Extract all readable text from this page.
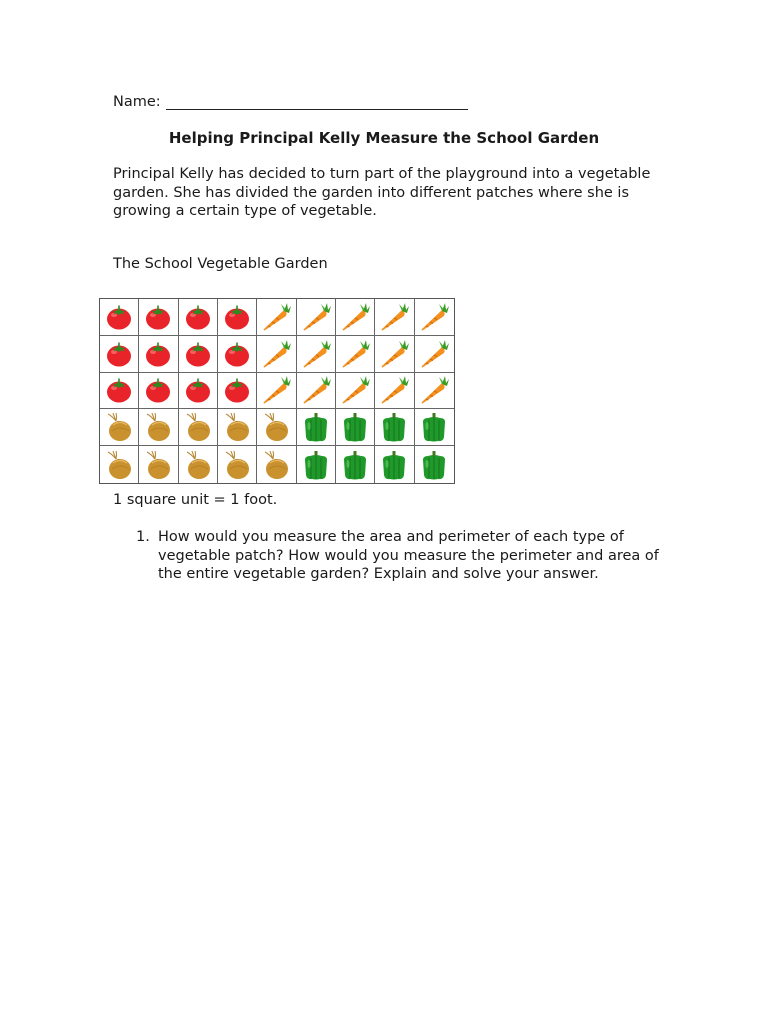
Name:
Helping Principal Kelly Measure the School Garden
Principal Kelly has decided to turn part of the playground into a vegetable garden. She has divided the garden into different patches where she is growing a certain type of vegetable.
The School Vegetable Garden
1 square unit = 1 foot.
1. How would you measure the area and perimeter of each type of vegetable patch? How would you measure the perimeter and area of the entire vegetable garden? Explain and solve your answer.
